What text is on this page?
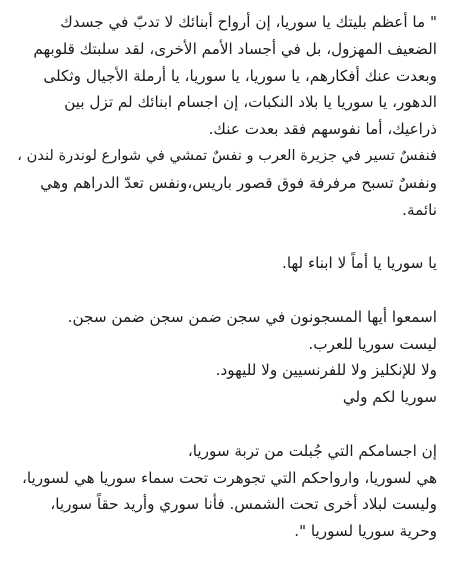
" ما أعظم بليتك يا سوريا، إن أرواح أبنائك لا تدبّ في جسدك
الضعيف المهزول، بل في أجساد الأمم الأخرى، لقد سلبتك قلوبهم
وبعدت عنك أفكارهم، يا سوريا، يا سوريا، يا أرملة الأجيال وثكلى
الدهور، يا سوريا يا بلاد النكبات، إن اجسام ابنائك لم تزل بين
ذراعيك، أما نفوسهم فقد بعدت عنك.
فنفسٌ تسير في جزيرة العرب و نفسٌ تمشي في شوارع لوندرة لندن ،
ونفسٌ تسبح مرفرفة فوق قصور باريس،ونفس تعدّ الدراهم وهي
نائمة.
يا سوريا يا أماً لا ابناء لها.
اسمعوا أيها المسجونون في سجن ضمن سجن ضمن سجن.
ليست سوريا للعرب.
ولا للإنكليز ولا للفرنسيين ولا لليهود.
سوريا لكم ولي
إن اجسامكم التي جُبلت من تربة سوريا،
هي لسوريا، وارواحكم التي تجوهرت تحت سماء سوريا هي لسوريا،
وليست لبلاد أخرى تحت الشمس. فأنا سوري وأريد حقاً سوريا،
وحرية سوريا لسوريا ".
